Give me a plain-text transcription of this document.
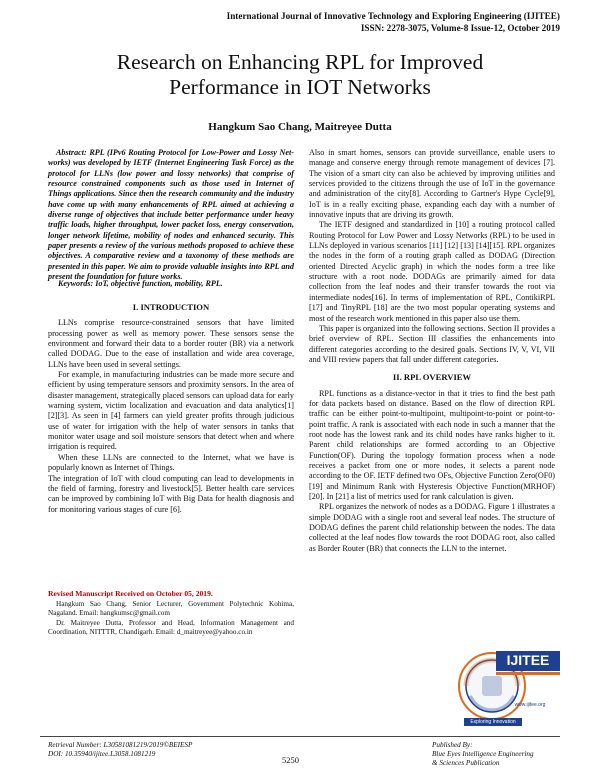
International Journal of Innovative Technology and Exploring Engineering (IJITEE)
ISSN: 2278-3075, Volume-8 Issue-12, October 2019
Research on Enhancing RPL for Improved
Performance in IOT Networks
Hangkum Sao Chang, Maitreyee Dutta

Abstract: RPL (IPv6 Routing Protocol for Low-Power and Lossy Net- works) was developed by IETF (Internet Engineering Task Force) as the protocol for LLNs (low power and lossy networks) that comprise of resource constrained components such as those used in Internet of Things applications. Since then the research community and the industry have come up with many enhancements of RPL aimed at achieving a diverse range of objectives that include better performance under heavy traffic loads, higher throughput, lower packet loss, energy conservation, longer network lifetime, mobility of nodes and enhanced security. This paper presents a review of the various methods proposed to achieve these objectives. A comparative review and a taxonomy of these methods are presented in this paper. We aim to provide valuable insights into RPL and present the foundation for future works.

Keywords: IoT, objective function, mobility, RPL.

I. INTRODUCTION

LLNs comprise resource-constrained sensors that have limited processing power as well as memory power. These sensors sense the environment and forward their data to a border router (BR) via a network called DODAG. Due to the ease of installation and wide area coverage, LLNs have been used in several settings.

For example, in manufacturing industries can be made more secure and efficient by using temperature sensors and proximity sensors. In the area of disaster management, strategically placed sensors can upload data for early warning system, victim localization and evacuation and data analytics[1][2][3]. As seen in [4] farmers can yield greater profits through judicious use of water for irrigation with the help of water sensors in tanks that monitor water usage and soil moisture sensors that detect when and where irrigation is required.

When these LLNs are connected to the Internet, what we have is popularly known as Internet of Things.

The integration of IoT with cloud computing can lead to developments in the field of farming, forestry and livestock[5]. Better health care services can be improved by combining IoT with Big Data for health diagnosis and for monitoring various stages of cure [6].

Revised Manuscript Received on October 05, 2019.

Hangkum Sao Chang, Senior Lecturer, Government Polytechnic Kohima, Nagaland. Email: hangkumsc@gmail.com

Dr. Maitreyee Dutta, Professor and Head, Information Management and Coordination, NITTTR, Chandigarh. Email: d_maitreyee@yahoo.co.in

Also in smart homes, sensors can provide surveillance, enable users to manage and conserve energy through remote management of devices [7]. The vision of a smart city can also be achieved by improving utilities and services provided to the citizens through the use of IoT in the governance and administration of the city[8]. According to Gartner's Hype Cycle[9], IoT is in a really exciting phase, expanding each day with a number of innovative inputs that are driving its growth.

The IETF designed and standardized in [10] a routing protocol called Routing Protocol for Low Power and Lossy Networks (RPL) to be used in LLNs deployed in various scenarios [11] [12] [13] [14][15]. RPL organizes the nodes in the form of a routing graph called as DODAG (Direction oriented Directed Acyclic graph) in which the nodes form a tree like structure with a root node. DODAGs are primarily aimed for data collection from the leaf nodes and their transfer towards the root via intermediate nodes[16]. In terms of implementation of RPL, ContikiRPL [17] and TinyRPL [18] are the two most popular operating systems and most of the research work mentioned in this paper also use them.

This paper is organized into the following sections. Section II provides a brief overview of RPL. Section III classifies the enhancements into different categories according to the desired goals. Sections IV, V, VI, VII and VIII review papers that fall under different categories.

II. RPL OVERVIEW

RPL functions as a distance-vector in that it tries to find the best path for data packets based on distance. Based on the flow of direction RPL traffic can be either point-to-multipoint, multipoint-to-point or point-to-point traffic. A rank is associated with each node in such a manner that the root node has the lowest rank and its child nodes have ranks higher to it. Parent child relationships are formed according to an Objective Function(OF). During the topology formation process when a node receives a packet from one or more nodes, it selects a parent node according to the OF. IETF defined two OFs, Objective Function Zero(OF0)[19] and Minimum Rank with Hysteresis Objective Function(MRHOF) [20]. In [21] a list of metrics used for rank calculation is given.

RPL organizes the network of nodes as a DODAG. Figure 1 illustrates a simple DODAG with a single root and several leaf nodes. The structure of DODAG defines the parent child relationship between the nodes. The data collected at the leaf nodes flow towards the root DODAG root, also called as Border Router (BR) that connects the LLN to the internet.

IJITEE
Exploring Innovation
www.ijitee.org
Retrieval Number: L30581081219/2019©BEIESP
DOI: 10.35940/ijitee.L3058.1081219
5250
Published By:
Blue Eyes Intelligence Engineering
& Sciences Publication
